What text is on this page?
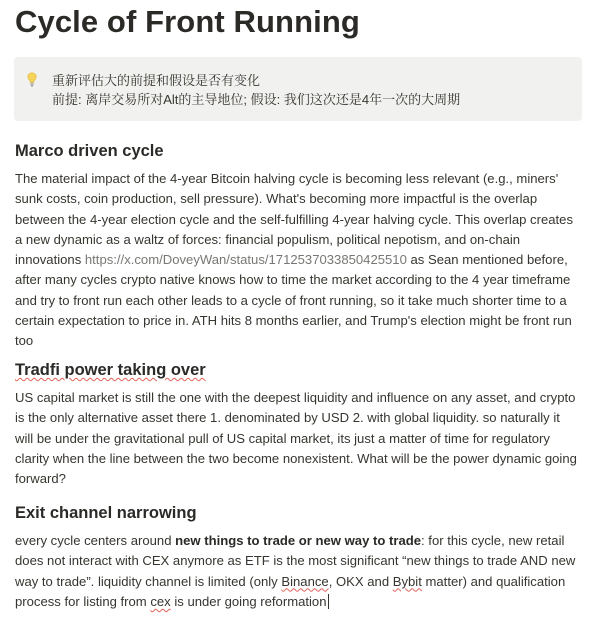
Cycle of Front Running
重新评估大的前提和假设是否有变化
前提: 离岸交易所对Alt的主导地位; 假设: 我们这次还是4年一次的大周期
Marco driven cycle
The material impact of the 4-year Bitcoin halving cycle is becoming less relevant (e.g., miners'
sunk costs, coin production, sell pressure). What's becoming more impactful is the overlap
between the 4-year election cycle and the self-fulfilling 4-year halving cycle. This overlap creates
a new dynamic as a waltz of forces: financial populism, political nepotism, and on-chain
innovations https://x.com/DoveyWan/status/1712537033850425510 as Sean mentioned before,
after many cycles crypto native knows how to time the market according to the 4 year timeframe
and try to front run each other leads to a cycle of front running, so it take much shorter time to a
certain expectation to price in. ATH hits 8 months earlier, and Trump's election might be front run
too
Tradfi power taking over
US capital market is still the one with the deepest liquidity and influence on any asset, and crypto
is the only alternative asset there 1. denominated by USD 2. with global liquidity. so naturally it
will be under the gravitational pull of US capital market, its just a matter of time for regulatory
clarity when the line between the two become nonexistent. What will be the power dynamic going
forward?
Exit channel narrowing
every cycle centers around new things to trade or new way to trade: for this cycle, new retail
does not interact with CEX anymore as ETF is the most significant “new things to trade AND new
way to trade”. liquidity channel is limited (only Binance, OKX and Bybit matter) and qualification
process for listing from cex is under going reformation
